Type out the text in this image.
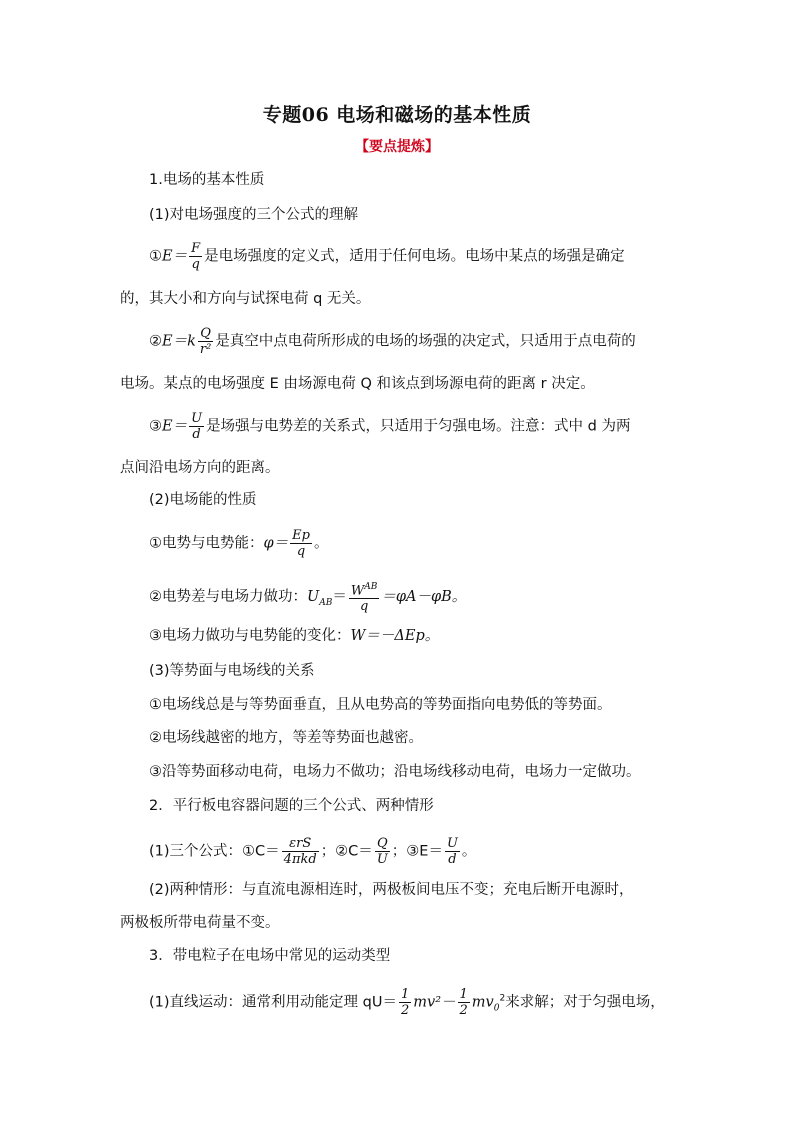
专题06 电场和磁场的基本性质
【要点提炼】
1.电场的基本性质
(1)对电场强度的三个公式的理解
①E＝ $\frac{F}{q}$ 是电场强度的定义式，适用于任何电场。电场中某点的场强是确定
的，其大小和方向与试探电荷 q 无关。
②E＝k $\frac{Q}{\text{r²}}$ 是真空中点电荷所形成的电场的场强的决定式，只适用于点电荷的
电场。某点的电场强度 E 由场源电荷 Q 和该点到场源电荷的距离 r 决定。
③E＝ $\frac{U}{d}$ 是场强与电势差的关系式，只适用于匀强电场。注意：式中 d 为两
点间沿电场方向的距离。
(2)电场能的性质
①电势与电势能：$\varphi= \frac{Ep}{q}$ 。
②电势差与电场力做功：$U_{AB}= \frac{W^{AB}}{q} =\varphi A-\varphi B$。
③电场力做功与电势能的变化：W＝－ΔEp。
(3)等势面与电场线的关系
①电场线总是与等势面垂直，且从电势高的等势面指向电势低的等势面。
②电场线越密的地方，等差等势面也越密。
③沿等势面移动电荷，电场力不做功；沿电场线移动电荷，电场力一定做功。
2．平行板电容器问题的三个公式、两种情形
(1)三个公式：①C＝ $\frac{\text{εrS}}{\text{4πkd}}$ ；②C＝ $\frac{Q}{U}$ ；③E＝ $\frac{U}{d}$ 。
(2)两种情形：与直流电源相连时，两极板间电压不变；充电后断开电源时，
两极板所带电荷量不变。
3．带电粒子在电场中常见的运动类型
(1)直线运动：通常利用动能定理 $qU= \frac{1}{2} mv^2- \frac{1}{2} mv_0^2$来求解；对于匀强电场，
